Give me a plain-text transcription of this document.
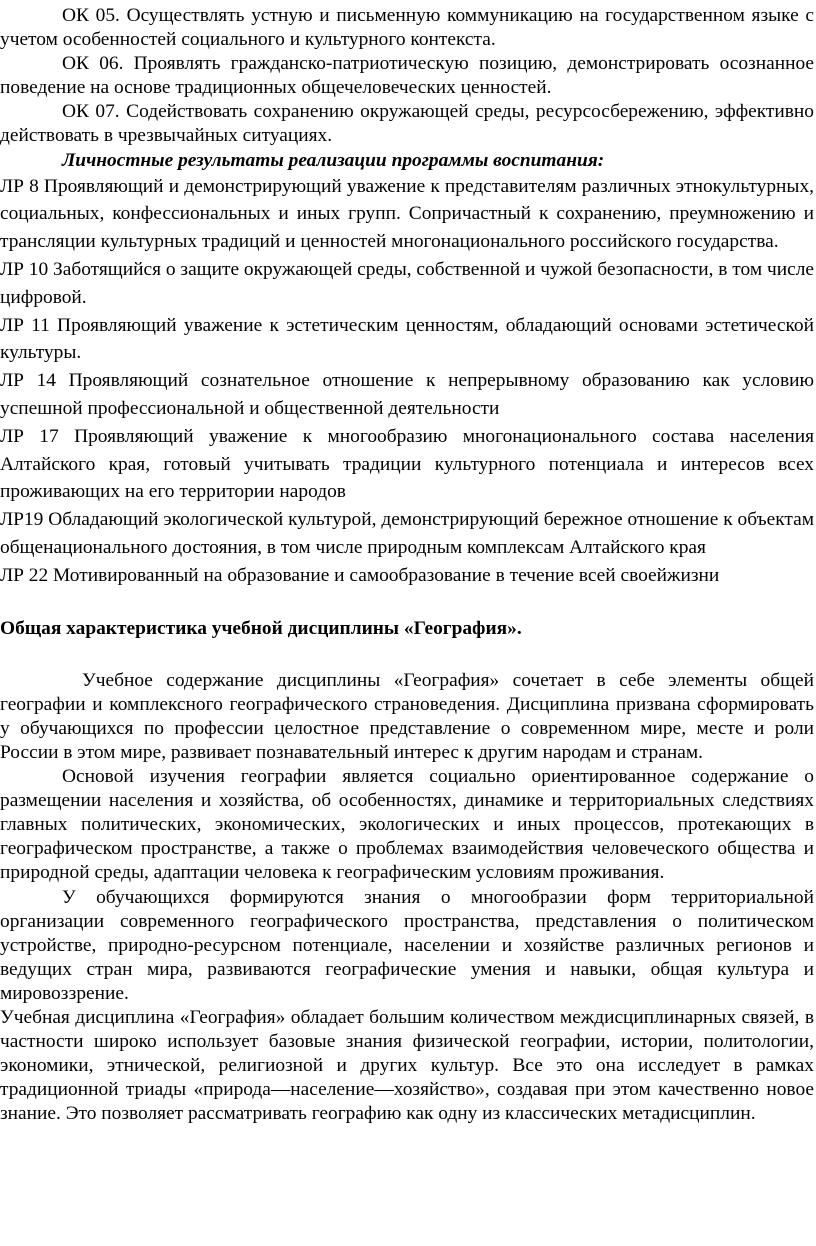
ОК 05. Осуществлять устную и письменную коммуникацию на государственном языке с учетом особенностей социального и культурного контекста.

ОК 06. Проявлять гражданско-патриотическую позицию, демонстрировать осознанное поведение на основе традиционных общечеловеческих ценностей.

ОК 07. Содействовать сохранению окружающей среды, ресурсосбережению, эффективно действовать в чрезвычайных ситуациях.

Личностные результаты реализации программы воспитания:

ЛР 8 Проявляющий и демонстрирующий уважение к представителям различных этнокультурных, социальных, конфессиональных и иных групп. Сопричастный к сохранению, преумножению и трансляции культурных традиций и ценностей многонационального российского государства.

ЛР 10 Заботящийся о защите окружающей среды, собственной и чужой безопасности, в том числе цифровой.

ЛР 11 Проявляющий уважение к эстетическим ценностям, обладающий основами эстетической культуры.

ЛР 14 Проявляющий сознательное отношение к непрерывному образованию как условию успешной профессиональной и общественной деятельности

ЛР 17 Проявляющий уважение к многообразию многонационального состава населения Алтайского края, готовый учитывать традиции культурного потенциала и интересов всех проживающих на его территории народов

ЛР19 Обладающий экологической культурой, демонстрирующий бережное отношение к объектам общенационального достояния, в том числе природным комплексам Алтайского края

ЛР 22 Мотивированный на образование и самообразование в течение всей своейжизни

Общая характеристика учебной дисциплины «География».

Учебное содержание дисциплины «География» сочетает в себе элементы общей географии и комплексного географического страноведения. Дисциплина призвана сформировать у обучающихся по профессии целостное представление о современном мире, месте и роли России в этом мире, развивает познавательный интерес к другим народам и странам.

Основой изучения географии является социально ориентированное содержание о размещении населения и хозяйства, об особенностях, динамике и территориальных следствиях главных политических, экономических, экологических и иных процессов, протекающих в географическом пространстве, а также о проблемах взаимодействия человеческого общества и природной среды, адаптации человека к географическим условиям проживания.

У обучающихся формируются знания о многообразии форм территориальной организации современного географического пространства, представления о политическом устройстве, природно-ресурсном потенциале, населении и хозяйстве различных регионов и ведущих стран мира, развиваются географические умения и навыки, общая культура и мировоззрение.

Учебная дисциплина «География» обладает большим количеством междисциплинарных связей, в частности широко использует базовые знания физической географии, истории, политологии, экономики, этнической, религиозной и других культур. Все это она исследует в рамках традиционной триады «природа—население—хозяйство», создавая при этом качественно новое знание. Это позволяет рассматривать географию как одну из классических метадисциплин.
